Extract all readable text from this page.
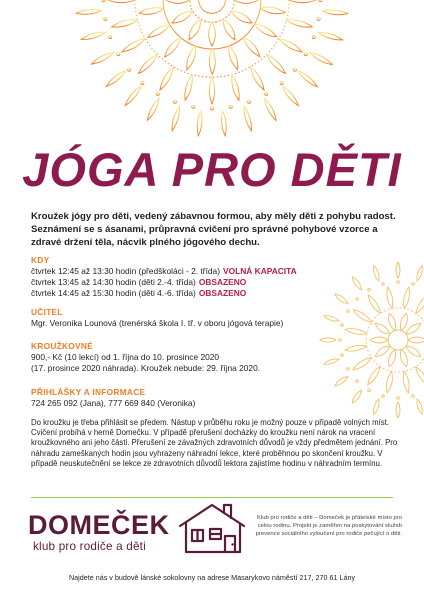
JÓGA PRO DĚTI

Kroužek jógy pro děti, vedený zábavnou formou, aby měly děti z pohybu radost. Seznámení se s ásanami, průpravná cvičení pro správné pohybové vzorce a zdravé držení těla, nácvik plného jógového dechu.

KDY
čtvrtek 12:45 až 13:30 hodin (předškoláci - 2. třída) VOLNÁ KAPACITA
čtvrtek 13:45 až 14:30 hodin (děti 2.-4. třída) OBSAZENO
čtvrtek 14:45 až 15:30 hodin (děti 4.-6. třída) OBSAZENO
UČITEL
Mgr. Veronika Lounová (trenérská škola I. tř. v oboru jógová terapie)
KROUŽKOVNÉ
900,- Kč (10 lekcí) od 1. října do 10. prosince 2020
(17. prosince 2020 náhrada). Kroužek nebude: 29. října 2020.
PŘIHLÁŠKY A INFORMACE
724 265 092 (Jana), 777 669 840 (Veronika)

Do kroužku je třeba přihlásit se předem. Nástup v průběhu roku je možný pouze v případě volných míst. Cvičení probíhá v herně Domečku. V případě přerušení docházky do kroužku není nárok na vracení kroužkovného ani jeho části. Přerušení ze závažných zdravotních důvodů je vždy předmětem jednání. Pro náhradu zameškaných hodin jsou vyhrazeny náhradní lekce, které proběhnou po skončení kroužku. V případě neuskutečnění se lekce ze zdravotních důvodů lektora zajistíme hodinu v náhradním termínu.

DOMEČEK
klub pro rodiče a děti

Klub pro rodiče a děti – Domeček je přátelské místo pro celou rodinu. Projekt je zaměřen na poskytování služeb prevence sociálního vyloučení pro rodiče pečující o děti.

Najdete nás v budově lánské sokolovny na adrese Masarykovo náměstí 217, 270 61 Lány
